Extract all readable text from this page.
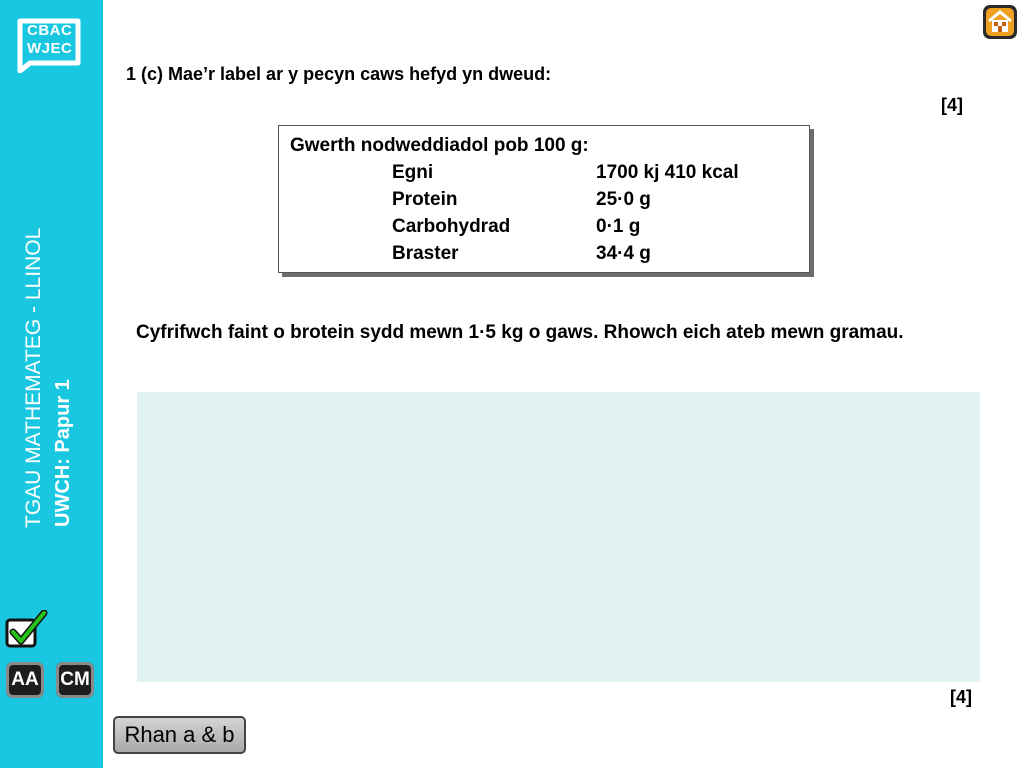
CBAC
WJEC
TGAU MATHEMATEG - LLINOL UWCH: Papur 1
AA CM
1 (c) Mae’r label ar y pecyn caws hefyd yn dweud:
[4]
Gwerth nodweddiadol pob 100 g:
Egni	1700 kj 410 kcal
Protein	25·0 g
Carbohydrad	0·1 g
Braster	34·4 g
Cyfrifwch faint o brotein sydd mewn 1·5 kg o gaws. Rhowch eich ateb mewn gramau.
[4]
Rhan a & b
